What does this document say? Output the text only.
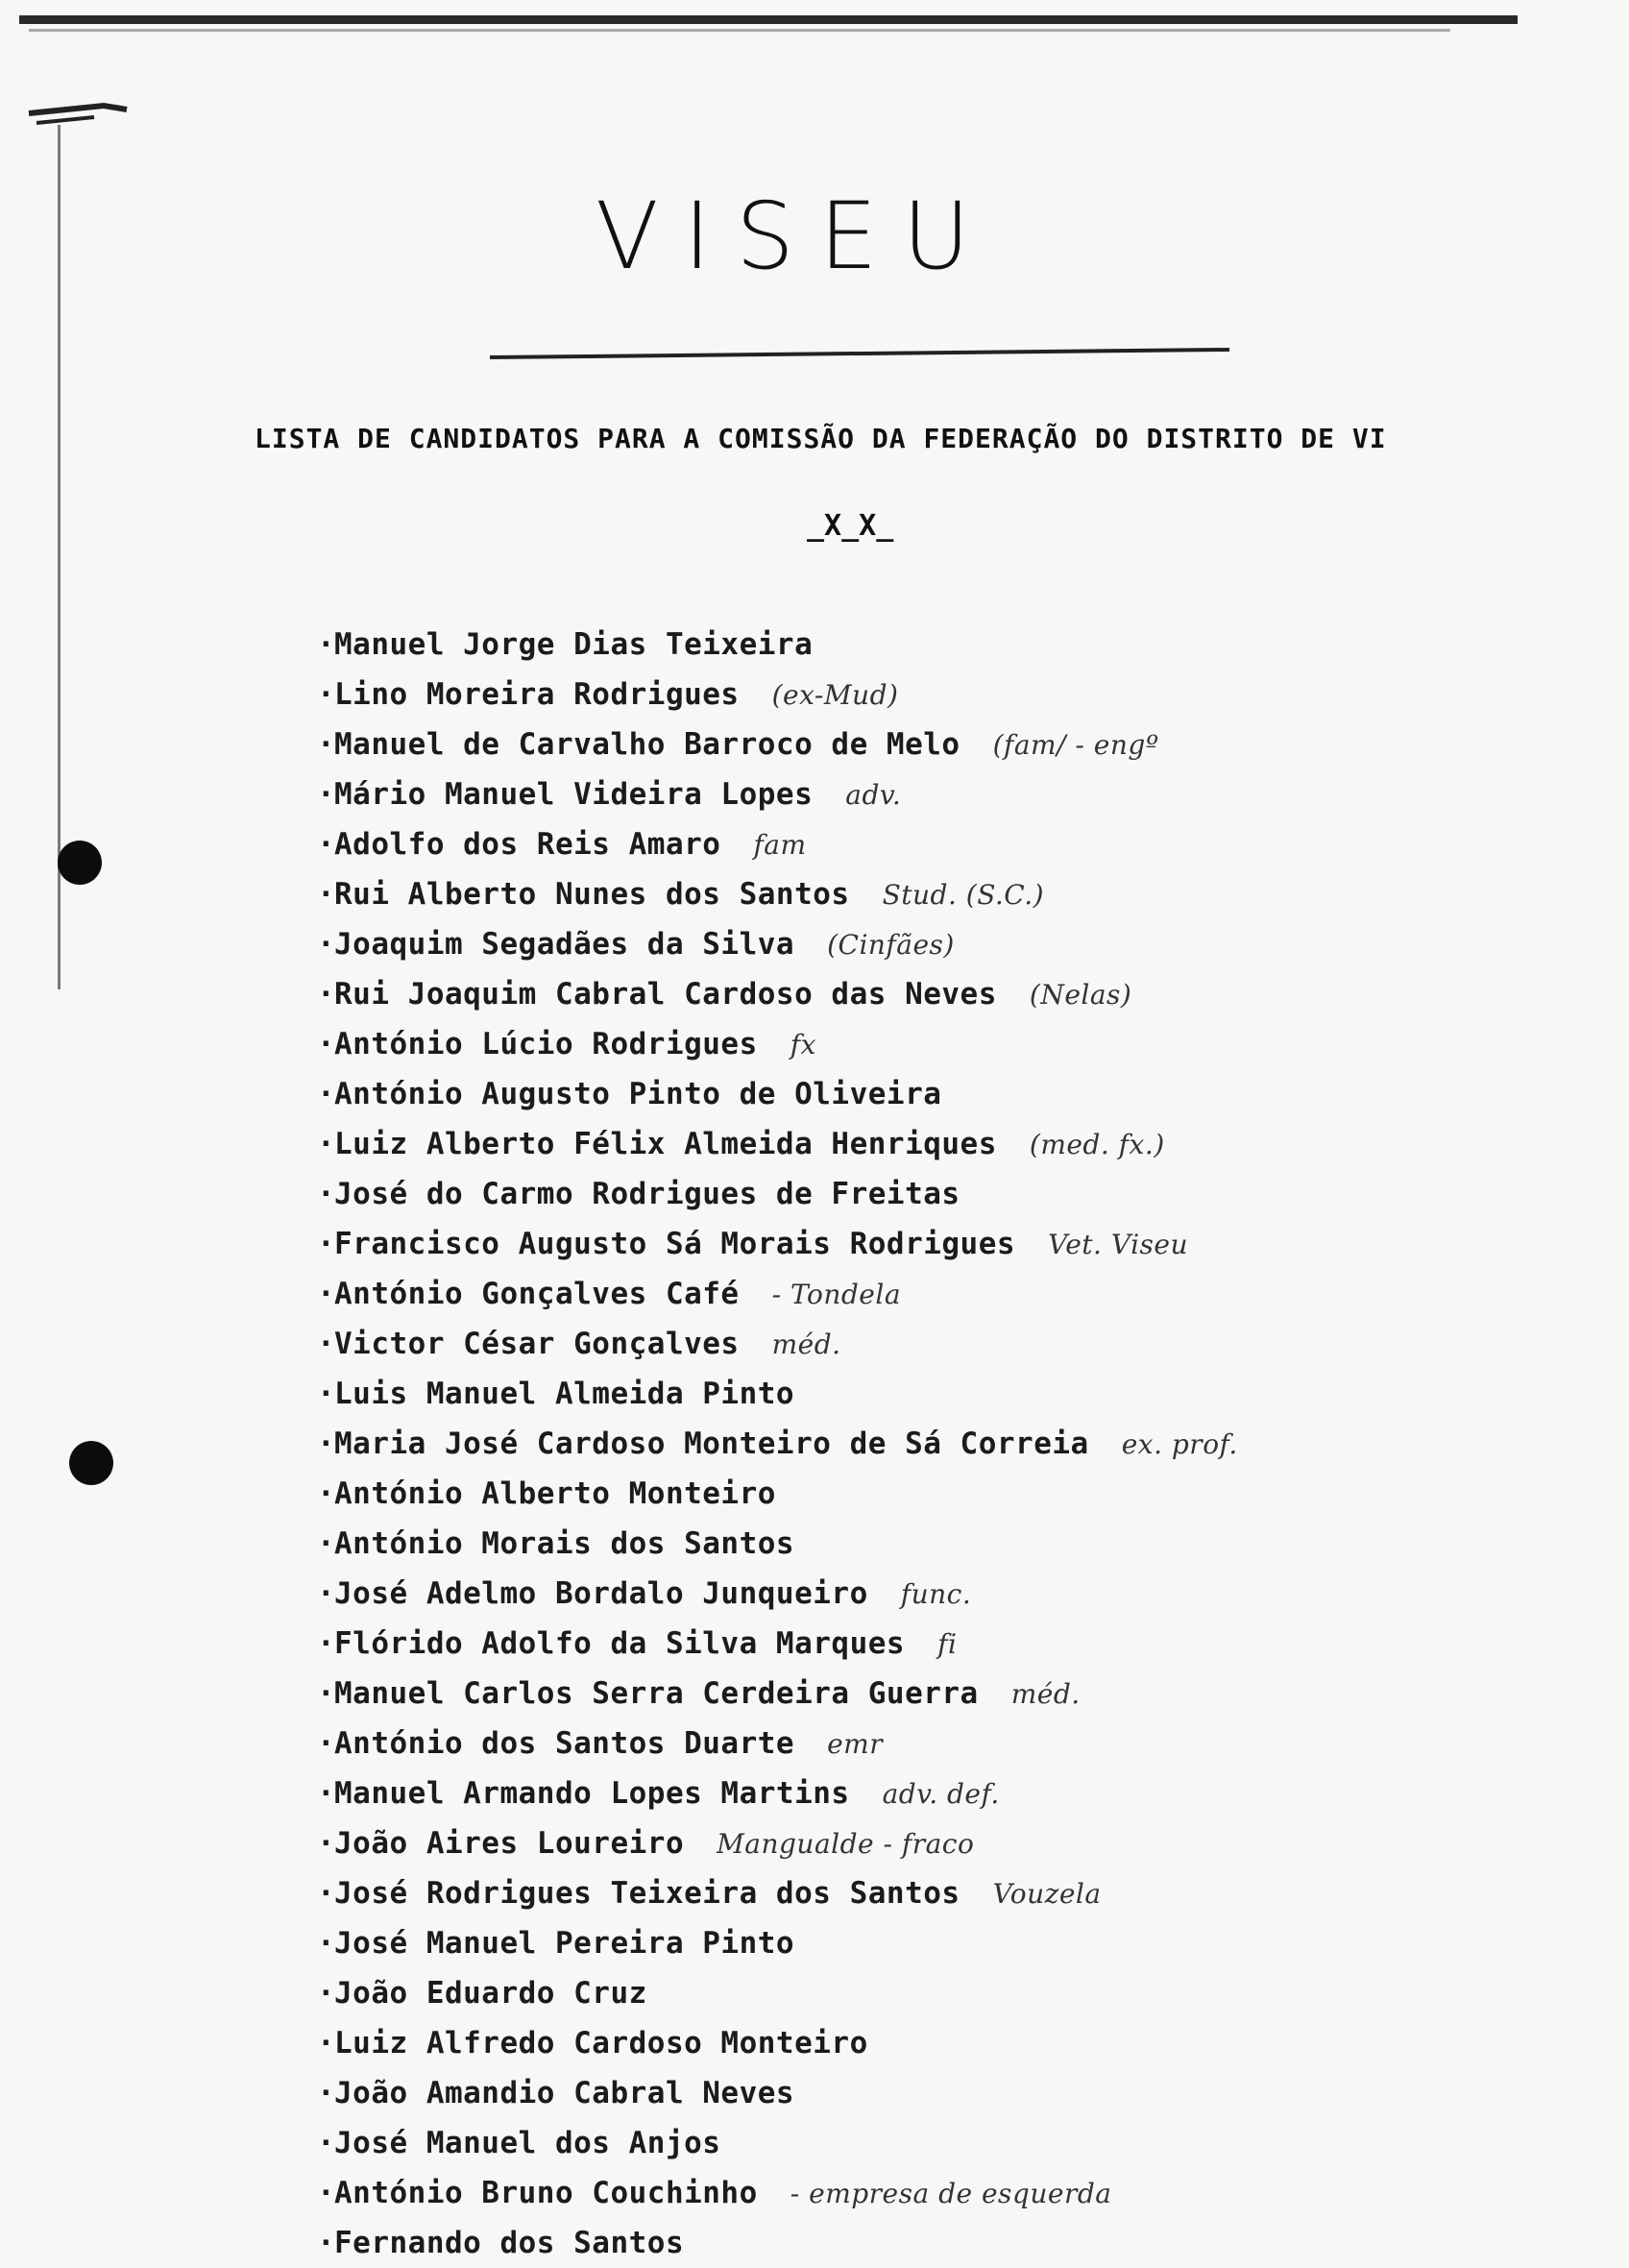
VISEU
LISTA DE CANDIDATOS PARA A COMISSÃO DA FEDERAÇÃO DO DISTRITO DE VI
_X_X_
·Manuel Jorge Dias Teixeira
·Lino Moreira Rodrigues (ex-Mud)
·Manuel de Carvalho Barroco de Melo (fam/ - engº
·Mário Manuel Videira Lopes adv.
·Adolfo dos Reis Amaro fam
·Rui Alberto Nunes dos Santos Stud. (S.C.)
·Joaquim Segadães da Silva (Cinfães)
·Rui Joaquim Cabral Cardoso das Neves (Nelas)
·António Lúcio Rodrigues fx
·António Augusto Pinto de Oliveira
·Luiz Alberto Félix Almeida Henriques (med. fx.)
·José do Carmo Rodrigues de Freitas
·Francisco Augusto Sá Morais Rodrigues Vet. Viseu
·António Gonçalves Café - Tondela
·Victor César Gonçalves méd.
·Luis Manuel Almeida Pinto
·Maria José Cardoso Monteiro de Sá Correia ex. prof.
·António Alberto Monteiro
·António Morais dos Santos
·José Adelmo Bordalo Junqueiro func.
·Flórido Adolfo da Silva Marques fi
·Manuel Carlos Serra Cerdeira Guerra méd.
·António dos Santos Duarte emr
·Manuel Armando Lopes Martins adv. def.
·João Aires Loureiro Mangualde - fraco
·José Rodrigues Teixeira dos Santos Vouzela
·José Manuel Pereira Pinto
·João Eduardo Cruz
·Luiz Alfredo Cardoso Monteiro
·João Amandio Cabral Neves
·José Manuel dos Anjos
·António Bruno Couchinho - empresa de esquerda
·Fernando dos Santos
